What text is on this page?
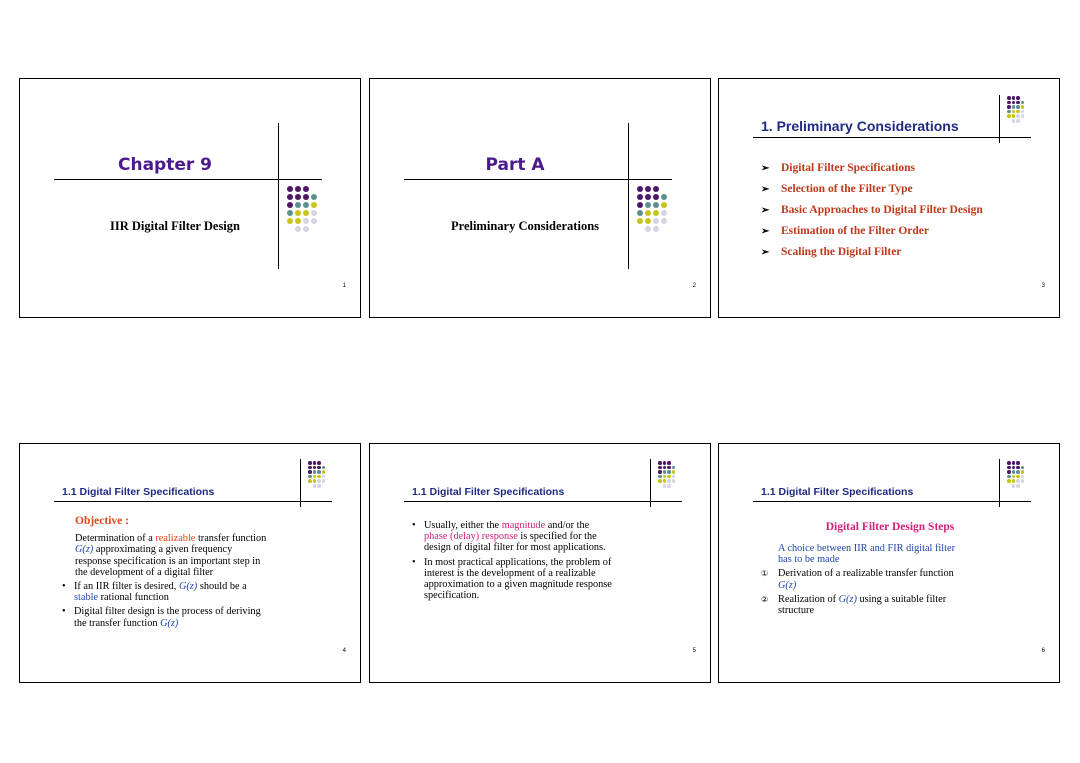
Chapter 9
IIR Digital Filter Design
1
Part A
Preliminary Considerations
2
1. Preliminary Considerations
➢ Digital Filter Specifications
➢ Selection of the Filter Type
➢ Basic Approaches to Digital Filter Design
➢ Estimation of the Filter Order
➢ Scaling the Digital Filter
3
1.1 Digital Filter Specifications
Objective :
Determination of a realizable transfer function
G(z) approximating a given frequency
response specification is an important step in
the development of a digital filter
• If an IIR filter is desired, G(z) should be a
stable rational function
• Digital filter design is the process of deriving
the transfer function G(z)
4
1.1 Digital Filter Specifications
• Usually, either the magnitude and/or the
phase (delay) response is specified for the
design of digital filter for most applications.
• In most practical applications, the problem of
interest is the development of a realizable
approximation to a given magnitude response
specification.
5
1.1 Digital Filter Specifications
Digital Filter Design Steps
A choice between IIR and FIR digital filter
has to be made
① Derivation of a realizable transfer function
G(z)
② Realization of G(z) using a suitable filter
structure
6
